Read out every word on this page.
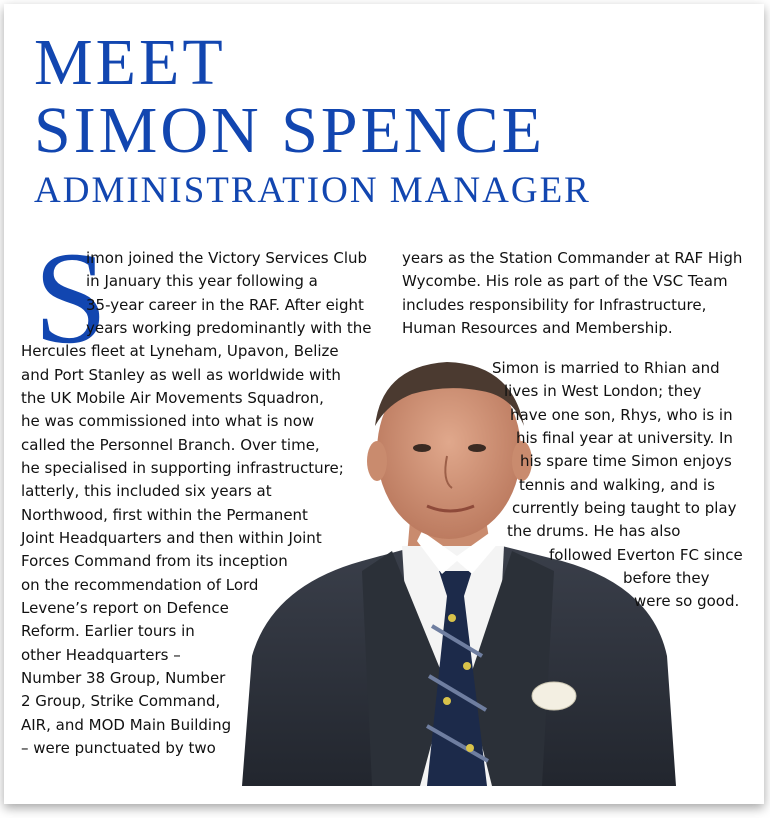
MEET
SIMON SPENCE
ADMINISTRATION MANAGER
S

imon joined the Victory Services Club

in January this year following a

35-year career in the RAF. After eight

years working predominantly with the

Hercules fleet at Lyneham, Upavon, Belize

and Port Stanley as well as worldwide with

the UK Mobile Air Movements Squadron,

he was commissioned into what is now

called the Personnel Branch. Over time,

he specialised in supporting infrastructure;

latterly, this included six years at

Northwood, first within the Permanent

Joint Headquarters and then within Joint

Forces Command from its inception

on the recommendation of Lord

Levene’s report on Defence

Reform. Earlier tours in

other Headquarters –

Number 38 Group, Number

2 Group, Strike Command,

AIR, and MOD Main Building

– were punctuated by two

years as the Station Commander at RAF High

Wycombe. His role as part of the VSC Team

includes responsibility for Infrastructure,

Human Resources and Membership.

Simon is married to Rhian and

lives in West London; they

have one son, Rhys, who is in

his final year at university. In

his spare time Simon enjoys

tennis and walking, and is

currently being taught to play

the drums. He has also

followed Everton FC since

before they

were so good.
